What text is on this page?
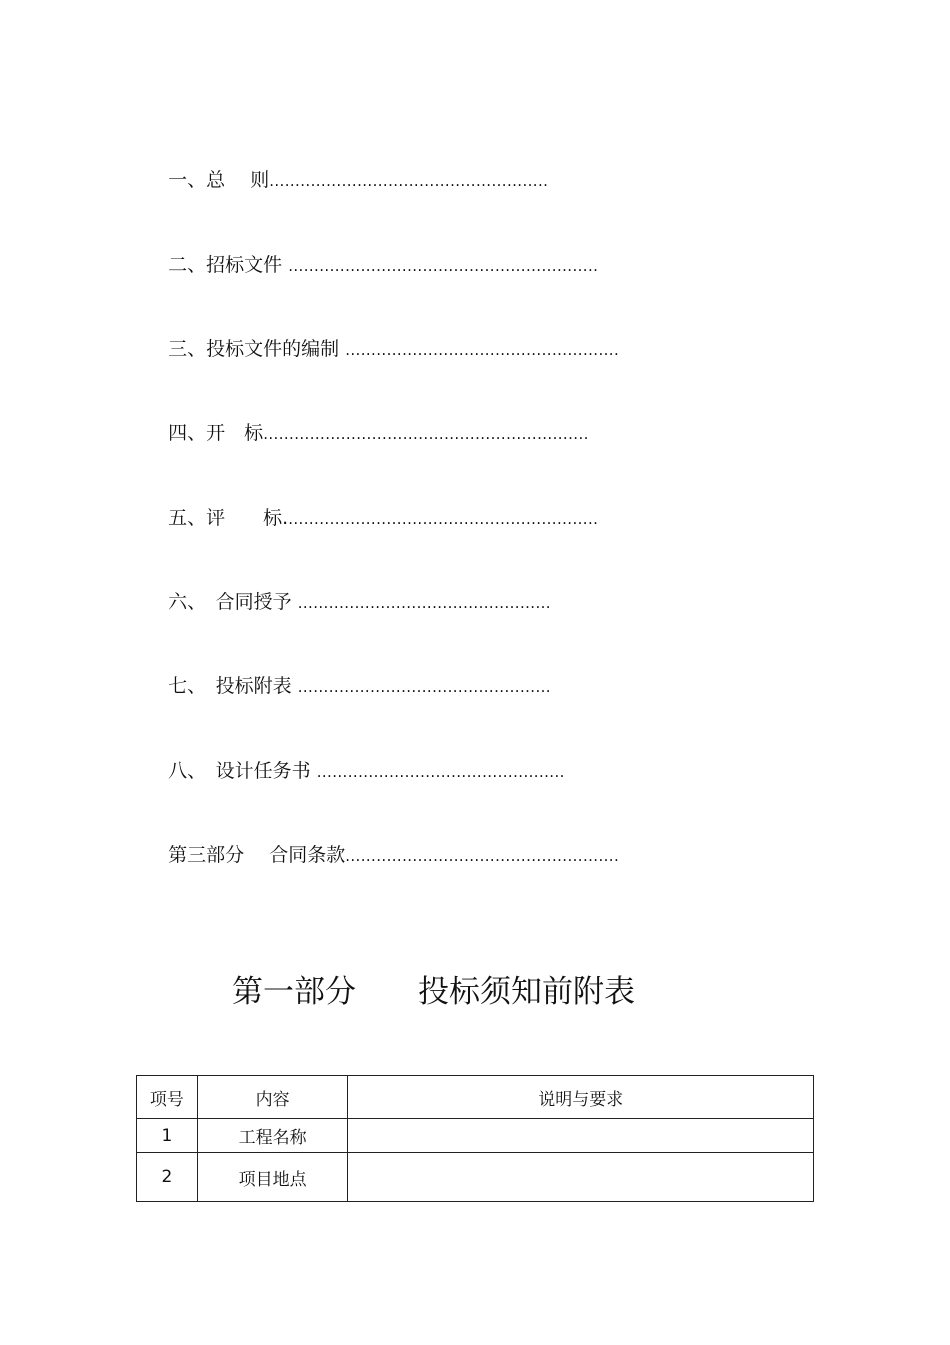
一、总　 则......................................................

二、招标文件 ............................................................

三、投标文件的编制 .....................................................

四、开　标...............................................................

五、评　　标.............................................................

六、　合同授予 .................................................

七、　投标附表 .................................................

八、　设计任务书 ................................................

第三部分　 合同条款.....................................................

第一部分　　投标须知前附表
项号	内容	说明与要求
1	工程名称	
2	项目地点	
